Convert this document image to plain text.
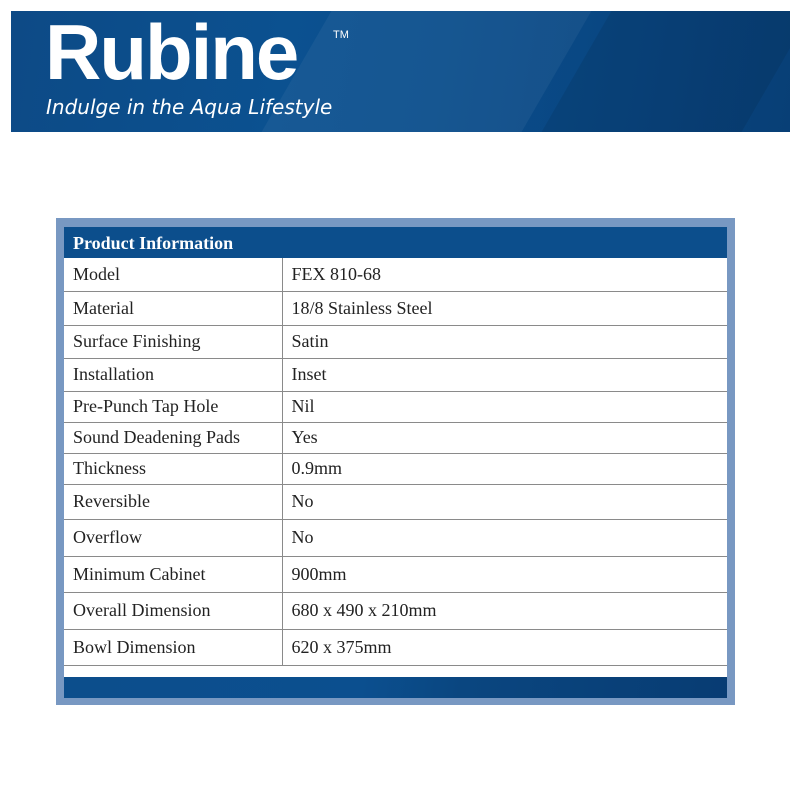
Rubine	TM
Indulge in the Aqua Lifestyle
Product Information
Model	FEX 810-68
Material	18/8 Stainless Steel
Surface Finishing	Satin
Installation	Inset
Pre-Punch Tap Hole	Nil
Sound Deadening Pads	Yes
Thickness	0.9mm
Reversible	No
Overflow	No
Minimum Cabinet	900mm
Overall Dimension	680 x 490 x 210mm
Bowl Dimension	620 x 375mm
